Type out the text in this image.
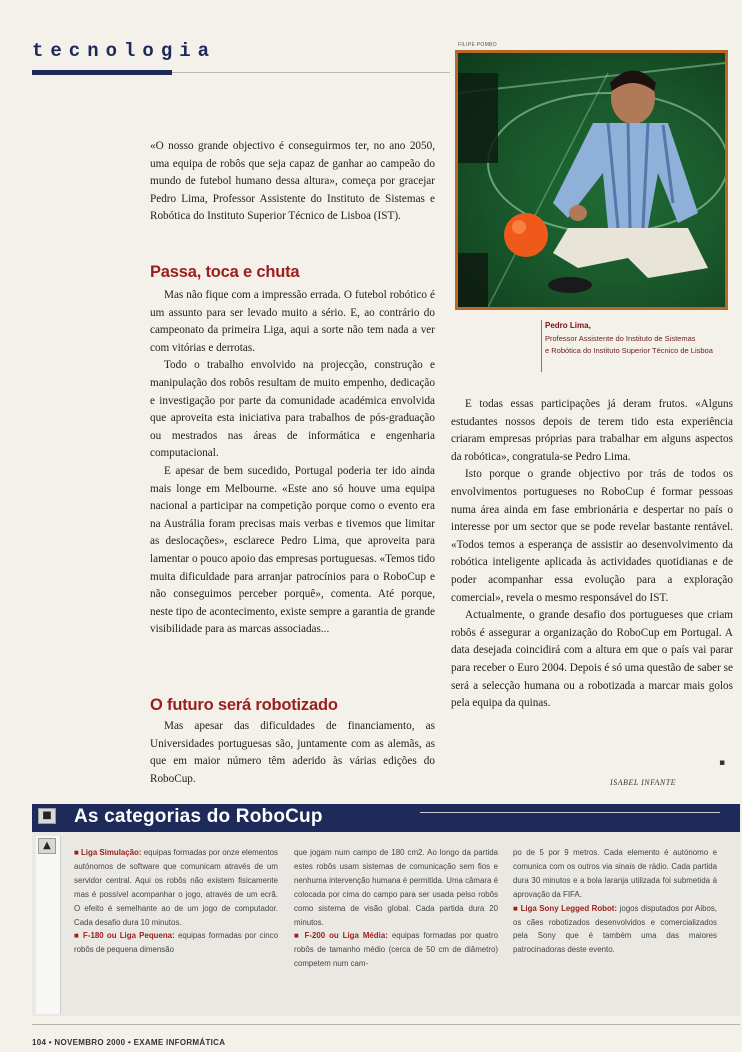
tecnologia	FILIPE POMBO
Pedro Lima,
Professor Assistente do Instituto de Sistemas
e Robótica do Instituto Superior Técnico de Lisboa
«O nosso grande objectivo é conseguirmos ter, no ano 2050, uma equipa de robôs que seja capaz de ganhar ao campeão do mundo de futebol humano dessa altura», começa por gracejar Pedro Lima, Professor Assistente do Instituto de Sistemas e Robótica do Instituto Superior Técnico de Lisboa (IST).
Passa, toca e chuta

Mas não fique com a impressão errada. O futebol robótico é um assunto para ser levado muito a sério. E, ao contrário do campeonato da primeira Liga, aqui a sorte não tem nada a ver com vitórias e derrotas.

Todo o trabalho envolvido na projecção, construção e manipulação dos robôs resultam de muito empenho, dedicação e investigação por parte da comunidade académica envolvida que aproveita esta iniciativa para trabalhos de pós-graduação ou mestrados nas áreas de informática e engenharia computacional.

E apesar de bem sucedido, Portugal poderia ter ido ainda mais longe em Melbourne. «Este ano só houve uma equipa nacional a participar na competição porque como o evento era na Austrália foram precisas mais verbas e tivemos que limitar as deslocações», esclarece Pedro Lima, que aproveita para lamentar o pouco apoio das empresas portuguesas. «Temos tido muita dificuldade para arranjar patrocínios para o RoboCup e não conseguimos perceber porquê», comenta. Até porque, neste tipo de acontecimento, existe sempre a garantia de grande visibilidade para as marcas associadas...

O futuro será robotizado

Mas apesar das dificuldades de financiamento, as Universidades portuguesas são, juntamente com as alemãs, as que em maior número têm aderido às várias edições do RoboCup.

E todas essas participações já deram frutos. «Alguns estudantes nossos depois de terem tido esta experiência criaram empresas próprias para trabalhar em alguns aspectos da robótica», congratula-se Pedro Lima.

Isto porque o grande objectivo por trás de todos os envolvimentos portugueses no RoboCup é formar pessoas numa área ainda em fase embrionária e despertar no país o interesse por um sector que se pode revelar bastante rentável. «Todos temos a esperança de assistir ao desenvolvimento da robótica inteligente aplicada às actividades quotidianas e de poder acompanhar essa evolução para a exploração comercial», revela o mesmo responsável do IST.

Actualmente, o grande desafio dos portugueses que criam robôs é assegurar a organização do RoboCup em Portugal. A data desejada coincidirá com a altura em que o país vai parar para receber o Euro 2004. Depois é só uma questão de saber se será a selecção humana ou a robotizada a marcar mais golos pela equipa da quinas.

▪
ISABEL INFANTE
As categorias do RoboCup
■
▲
■ Liga Simulação: equipas formadas por onze elementos autónomos de software que comunicam através de um servidor central. Aqui os robôs não existem fisicamente mas é possível acompanhar o jogo, através de um ecrã. O efeito é semelhante ao de um jogo de computador. Cada desafio dura 10 minutos.
■ F-180 ou Liga Pequena: equipas formadas por cinco robôs de pequena dimensão
que jogam num campo de 180 cm2. Ao longo da partida estes robôs usam sistemas de comunicação sem fios e nenhuma intervenção humana é permitida. Uma câmara é colocada por cima do campo para ser usada pelso robôs como sistema de visão global. Cada partida dura 20 minutos.
■ F-200 ou Liga Média: equipas formadas por quatro robôs de tamanho médio (cerca de 50 cm de diâmetro) competem num cam-
po de 5 por 9 metros. Cada elemento é autónomo e comunica com os outros via sinais de rádio. Cada partida dura 30 minutos e a bola laranja utilizada foi submetida à aprovação da FIFA.
■ Liga Sony Legged Robot: jogos disputados por Aibos, os cães robotizados desenvolvidos e comercializados pela Sony que é também uma das maiores patrocinadoras deste evento.
104 • NOVEMBRO 2000 • EXAME INFORMÁTICA
